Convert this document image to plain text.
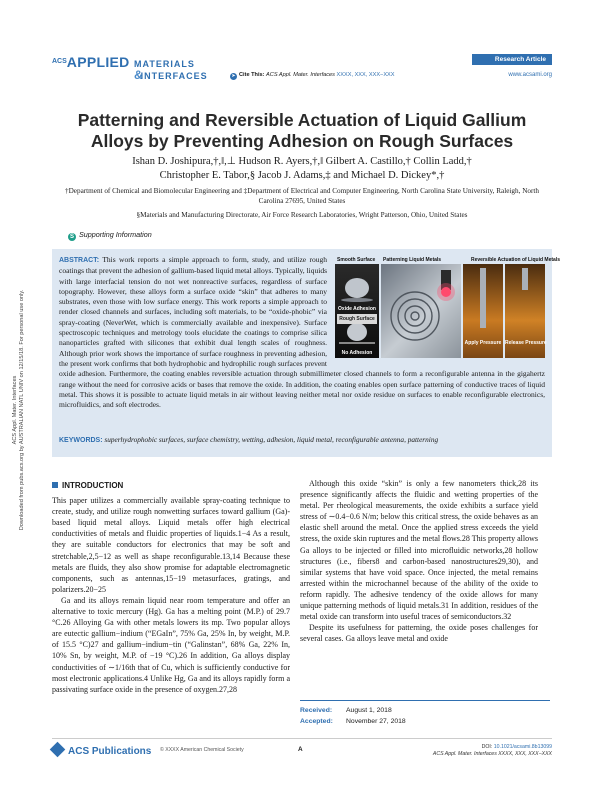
ACS Appl. Mater. Interfaces Downloaded from pubs.acs.org by AUSTRALIAN NATL UNIV on 12/15/18. For personal use only.
$^{ACS}$APPLIED MATERIALS
&INTERFACES
Research Article
➤ Cite This: ACS Appl. Mater. Interfaces XXXX, XXX, XXX−XXX	www.acsami.org
Patterning and Reversible Actuation of Liquid Gallium Alloys by Preventing Adhesion on Rough Surfaces
Ishan D. Joshipura,†,‖,⊥ Hudson R. Ayers,†,‖ Gilbert A. Castillo,† Collin Ladd,†
Christopher E. Tabor,§ Jacob J. Adams,‡ and Michael D. Dickey*,†
†Department of Chemical and Biomolecular Engineering and ‡Department of Electrical and Computer Engineering, North Carolina State University, Raleigh, North Carolina 27695, United States
§Materials and Manufacturing Directorate, Air Force Research Laboratories, Wright Patterson, Ohio, United States
S Supporting Information
Smooth Surface Patterning Liquid Metals	Reversible Actuation of Liquid Metals
Oxide Adhesion
Rough Surface
No Adhesion
Apply Pressure Release Pressure
ABSTRACT: This work reports a simple approach to form, study, and utilize rough coatings that prevent the adhesion of gallium-based liquid metal alloys. Typically, liquids with large interfacial tension do not wet nonreactive surfaces, regardless of surface topography. However, these alloys form a surface oxide “skin” that adheres to many substrates, even those with low surface energy. This work reports a simple approach to render closed channels and surfaces, including soft materials, to be “oxide-phobic” via spray-coating (NeverWet, which is commercially available and inexpensive). Surface spectroscopic techniques and metrology tools elucidate the coatings to comprise silica nanoparticles grafted with silicones that exhibit dual length scales of roughness. Although prior work shows the importance of surface roughness in preventing adhesion, the present work confirms that both hydrophobic and hydrophilic rough surfaces prevent oxide adhesion. Furthermore, the coating enables reversible actuation through submillimeter closed channels to form a reconfigurable antenna in the gigahertz range without the need for corrosive acids or bases that remove the oxide. In addition, the coating enables open surface patterning of conductive traces of liquid metal. This shows it is possible to actuate liquid metals in air without leaving neither metal nor oxide residue on surfaces to enable reconfigurable electronics, microfluidics, and soft electrodes.
KEYWORDS: superhydrophobic surfaces, surface chemistry, wetting, adhesion, liquid metal, reconfigurable antenna, patterning
INTRODUCTION

This paper utilizes a commercially available spray-coating technique to create, study, and utilize rough nonwetting surfaces toward gallium (Ga)-based liquid metal alloys. Liquid metals offer high electrical conductivities of metals and fluidic properties of liquids.1−4 As a result, they are suitable conductors for electronics that may be soft and stretchable,2,5−12 as well as shape reconfigurable.13,14 Because these metals are fluids, they also show promise for adaptable electromagnetic components, such as antennas,15−19 metasurfaces, gratings, and polarizers.20−25

Ga and its alloys remain liquid near room temperature and offer an alternative to toxic mercury (Hg). Ga has a melting point (M.P.) of 29.7 °C.26 Alloying Ga with other metals lowers its mp. Two popular alloys are eutectic gallium−indium (“EGaIn”, 75% Ga, 25% In, by weight, M.P. of 15.5 °C)27 and gallium−indium−tin (“Galinstan”, 68% Ga, 22% In, 10% Sn, by weight, M.P. of −19 °C).26 In addition, Ga alloys display conductivities of ∼1/16th that of Cu, which is sufficiently conductive for most electronic applications.4 Unlike Hg, Ga and its alloys rapidly form a passivating surface oxide in the presence of oxygen.27,28

Although this oxide “skin” is only a few nanometers thick,28 its presence significantly affects the fluidic and wetting properties of the metal. Per rheological measurements, the oxide exhibits a surface yield stress of ∼0.4−0.6 N/m; below this critical stress, the oxide behaves as an elastic shell around the metal. Once the applied stress exceeds the yield stress, the oxide skin ruptures and the metal flows.28 This property allows Ga alloys to be injected or filled into microfluidic networks,28 hollow structures (i.e., fibers8 and carbon-based nanostructures29,30), and similar systems that have void space. Once injected, the metal remains arrested within the microchannel because of the ability of the oxide to reform rapidly. The adhesive tendency of the oxide allows for many unique patterning methods of liquid metals.31 In addition, residues of the metal oxide can transform into useful traces of semiconductors.32

Despite its usefulness for patterning, the oxide poses challenges for several cases. Ga alloys leave metal and oxide

Received: August 1, 2018
Accepted: November 27, 2018
ACS Publications © XXXX American Chemical Society	A	DOI: 10.1021/acsami.8b13099
ACS Appl. Mater. Interfaces XXXX, XXX, XXX−XXX
